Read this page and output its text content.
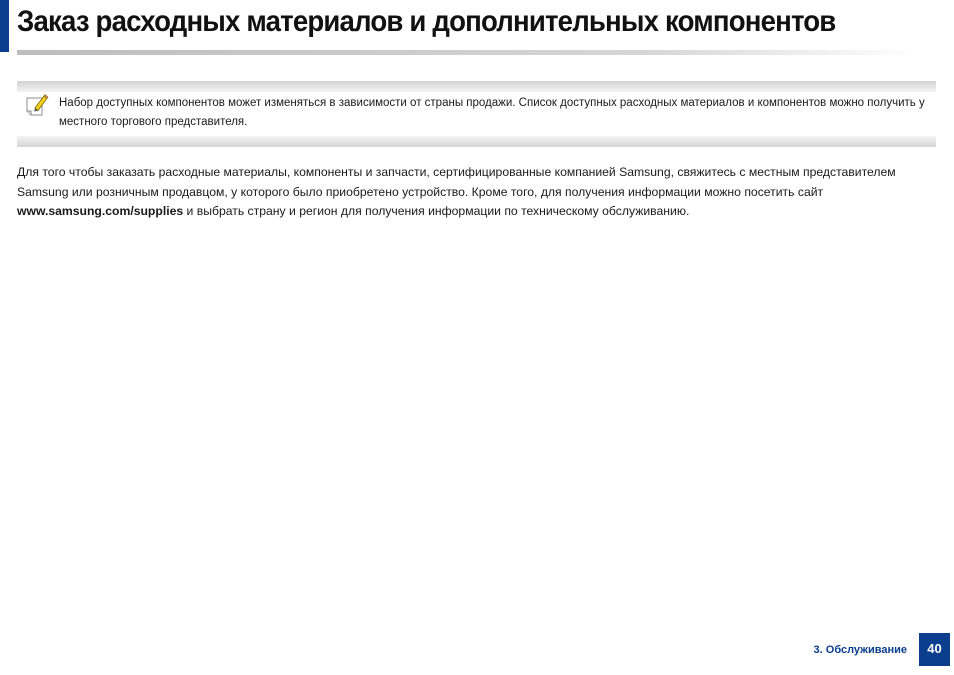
Заказ расходных материалов и дополнительных компонентов
Набор доступных компонентов может изменяться в зависимости от страны продажи. Список доступных расходных материалов и компонентов можно получить у местного торгового представителя.

Для того чтобы заказать расходные материалы, компоненты и запчасти, сертифицированные компанией Samsung, свяжитесь с местным представителем Samsung или розничным продавцом, у которого было приобретено устройство. Кроме того, для получения информации можно посетить сайт www.samsung.com/supplies и выбрать страну и регион для получения информации по техническому обслуживанию.

3. Обслуживание	40
